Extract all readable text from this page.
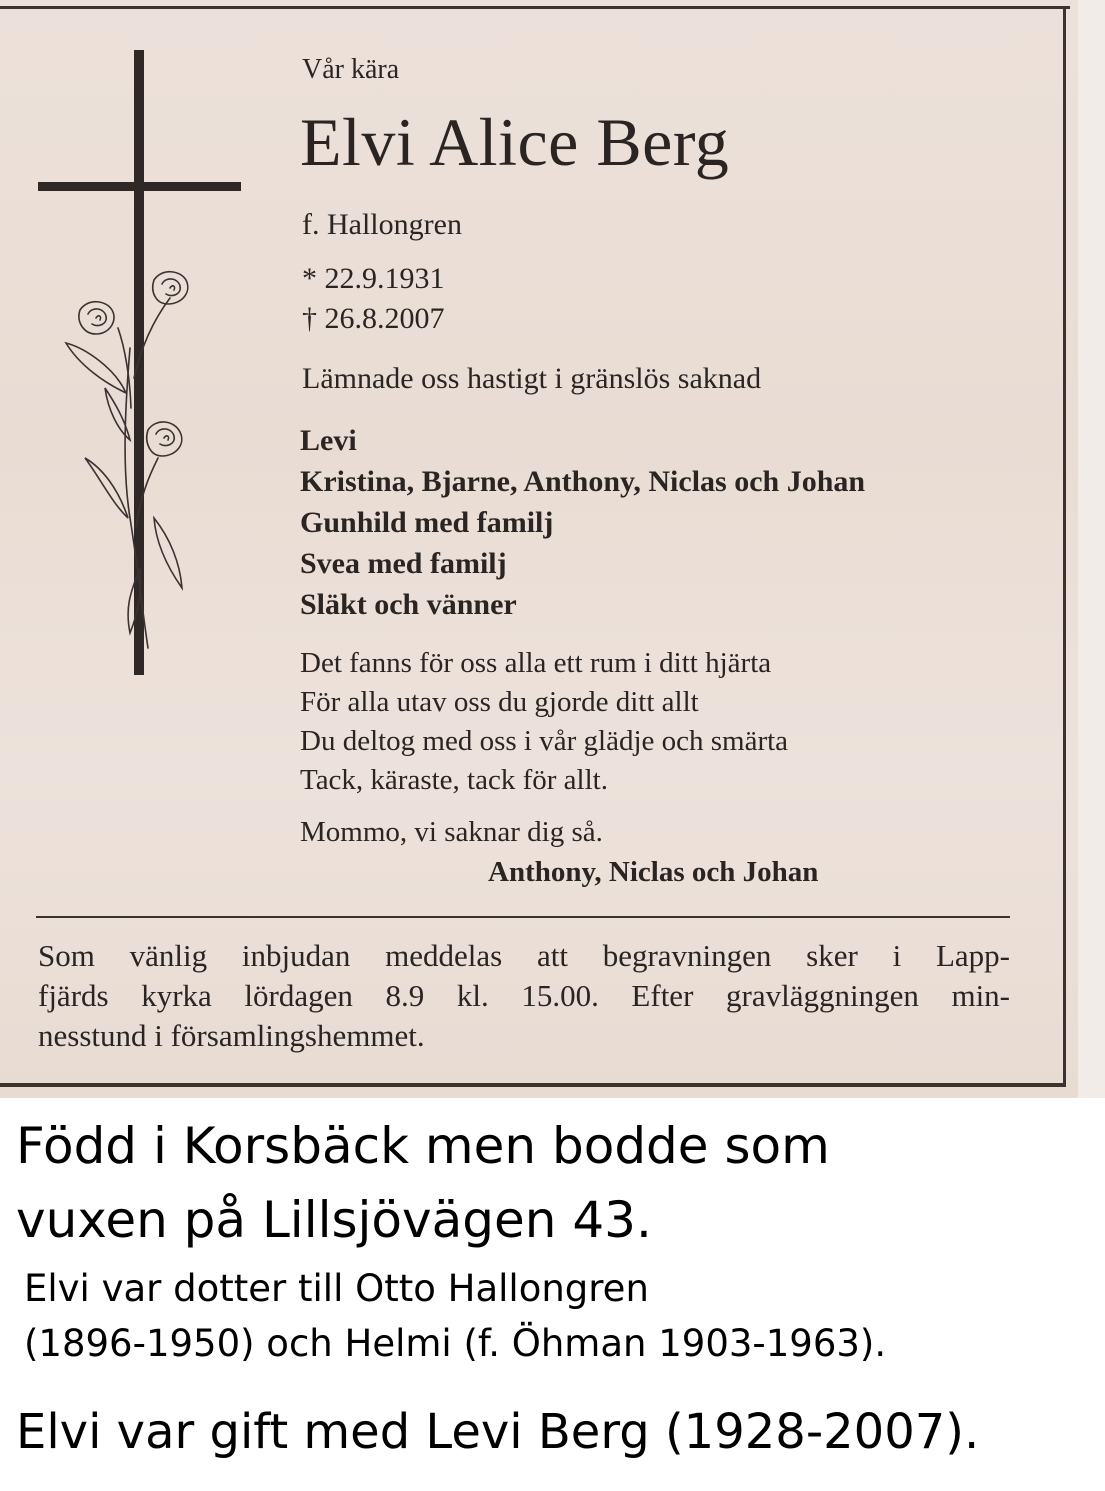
Vår kära

Elvi Alice Berg

f. Hallongren

* 22.9.1931

† 26.8.2007

Lämnade oss hastigt i gränslös saknad

Levi
Kristina, Bjarne, Anthony, Niclas och Johan
Gunhild med familj
Svea med familj
Släkt och vänner
Det fanns för oss alla ett rum i ditt hjärta
För alla utav oss du gjorde ditt allt
Du deltog med oss i vår glädje och smärta
Tack, käraste, tack för allt.

Mommo, vi saknar dig så.

Anthony, Niclas och Johan

Som vänlig inbjudan meddelas att begravningen sker i Lapp-
fjärds kyrka lördagen 8.9 kl. 15.00. Efter gravläggningen min-
nesstund i församlingshemmet.

Född i Korsbäck men bodde som

vuxen på Lillsjövägen 43.

Elvi var dotter till Otto Hallongren

(1896-1950) och Helmi (f. Öhman 1903-1963).

Elvi var gift med Levi Berg (1928-2007).
